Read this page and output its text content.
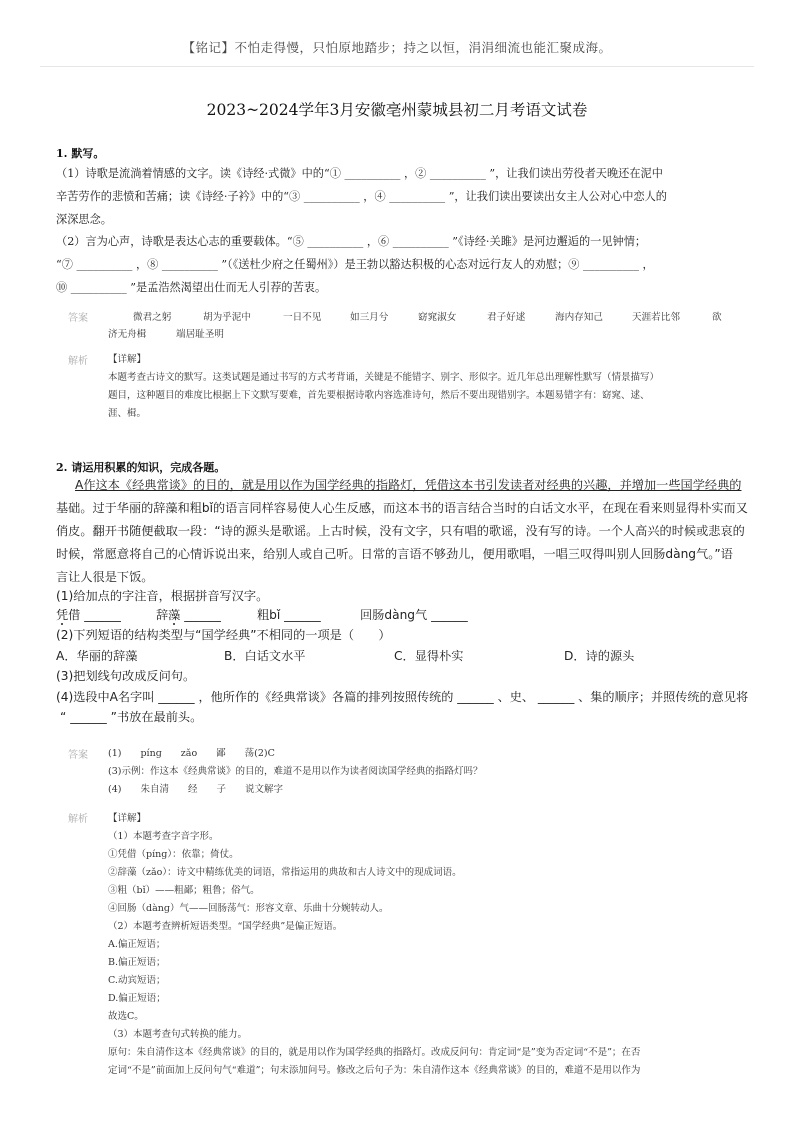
【铭记】不怕走得慢，只怕原地踏步；持之以恒，涓涓细流也能汇聚成海。
2023~2024学年3月安徽亳州蒙城县初二月考语文试卷
1. 默写。
（1）诗歌是流淌着情感的文字。读《诗经·式微》中的“① __________ ，② __________ ”，让我们读出劳役者天晚还在泥中
辛苦劳作的悲愤和苦痛；读《诗经·子衿》中的“③ __________ ，④ __________ ”，让我们读出要读出女主人公对心中恋人的
深深思念。
（2）言为心声，诗歌是表达心志的重要载体。“⑤ __________ ，⑥ __________ ”《诗经·关雎》是河边邂逅的一见钟情；
“⑦ __________ ，⑧ __________ ”（《送杜少府之任蜀州》）是王勃以豁达积极的心态对远行友人的劝慰；⑨ __________ ，
⑩ __________ ”是孟浩然渴望出仕而无人引荐的苦衷。
答案	微君之躬	胡为乎泥中	一日不见	如三月兮	窈窕淑女	君子好逑	海内存知己	天涯若比邻	欲
济无舟楫	端居耻圣明
解析 【详解】
本题考查古诗文的默写。这类试题是通过书写的方式考背诵，关键是不能错字、别字、形似字。近几年总出理解性默写（情景描写）
题目，这种题目的难度比根据上下文默写要难，首先要根据诗歌内容选准诗句，然后不要出现错别字。本题易错字有：窈窕、逑、
涯、楫。
2. 请运用积累的知识，完成各题。
A作这本《经典常谈》的目的，就是用以作为国学经典的指路灯，凭借这本书引发读者对经典的兴趣，并增加一些国学经典的
基础。过于华丽的辞藻和粗bǐ的语言同样容易使人心生反感，而这本书的语言结合当时的白话文水平，在现在看来则显得朴实而又
俏皮。翻开书随便截取一段：“诗的源头是歌谣。上古时候，没有文字，只有唱的歌谣，没有写的诗。一个人高兴的时候或悲哀的
时候，常愿意将自己的心情诉说出来，给别人或自己听。日常的言语不够劲儿，便用歌唱，一唱三叹得叫别人回肠dàng气。”语
言让人很是下饭。
(1)给加点的字注音，根据拼音写汉字。
凭借 ______	辞藻 ______	粗bǐ ______	回肠dàng气 ______
(2)下列短语的结构类型与“国学经典”不相同的一项是（　　）
A．华丽的辞藻	B．白话文水平	C．显得朴实	D．诗的源头
(3)把划线句改成反问句。
(4)选段中A名字叫 ______ ，他所作的《经典常谈》各篇的排列按照传统的 ______ 、史、 ______ 、集的顺序；并照传统的意见将
“ ______ ”书放在最前头。
答案 (1)　　pínɡ　　zǎo　　鄙　　荡(2)C
(3)示例：作这本《经典常谈》的目的，难道不是用以作为读者阅读国学经典的指路灯吗？
(4)　　朱自清　　经　　子　　说文解字
解析 【详解】
（1）本题考查字音字形。
①凭借（pínɡ）：依靠；倚仗。
②辞藻（zǎo）：诗文中精练优美的词语，常指运用的典故和古人诗文中的现成词语。
③粗（bǐ）——粗鄙；粗鲁；俗气。
④回肠（dànɡ）气——回肠荡气：形容文章、乐曲十分婉转动人。
（2）本题考查辨析短语类型。“国学经典”是偏正短语。
A.偏正短语；
B.偏正短语；
C.动宾短语；
D.偏正短语；
故选C。
（3）本题考查句式转换的能力。
原句：朱自清作这本《经典常谈》的目的，就是用以作为国学经典的指路灯。改成反问句：肯定词“是”变为否定词“不是”；在否
定词“不是”前面加上反问句气“难道”；句末添加问号。修改之后句子为：朱自清作这本《经典常谈》的目的，难道不是用以作为
